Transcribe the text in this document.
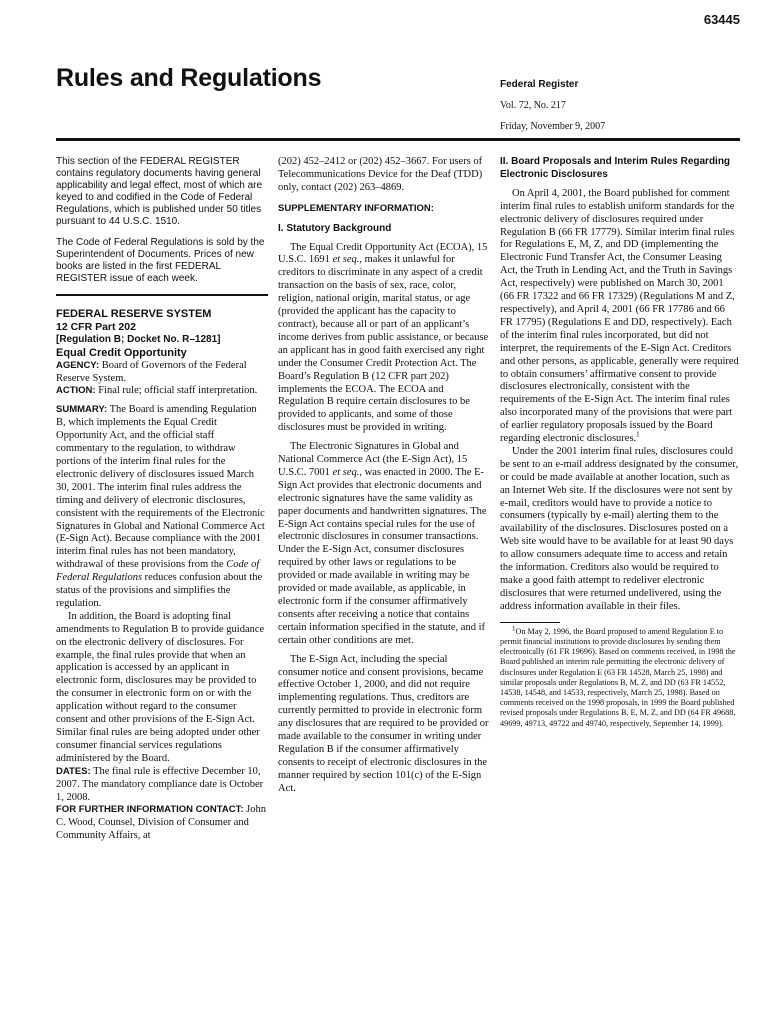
63445
Rules and Regulations	Federal Register
Vol. 72, No. 217
Friday, November 9, 2007

This section of the FEDERAL REGISTER contains regulatory documents having general applicability and legal effect, most of which are keyed to and codified in the Code of Federal Regulations, which is published under 50 titles pursuant to 44 U.S.C. 1510.

The Code of Federal Regulations is sold by the Superintendent of Documents. Prices of new books are listed in the first FEDERAL REGISTER issue of each week.

FEDERAL RESERVE SYSTEM

12 CFR Part 202

[Regulation B; Docket No. R–1281]

Equal Credit Opportunity

AGENCY: Board of Governors of the Federal Reserve System.

ACTION: Final rule; official staff interpretation.

SUMMARY: The Board is amending Regulation B, which implements the Equal Credit Opportunity Act, and the official staff commentary to the regulation, to withdraw portions of the interim final rules for the electronic delivery of disclosures issued March 30, 2001. The interim final rules address the timing and delivery of electronic disclosures, consistent with the requirements of the Electronic Signatures in Global and National Commerce Act (E-Sign Act). Because compliance with the 2001 interim final rules has not been mandatory, withdrawal of these provisions from the Code of Federal Regulations reduces confusion about the status of the provisions and simplifies the regulation.

In addition, the Board is adopting final amendments to Regulation B to provide guidance on the electronic delivery of disclosures. For example, the final rules provide that when an application is accessed by an applicant in electronic form, disclosures may be provided to the consumer in electronic form on or with the application without regard to the consumer consent and other provisions of the E-Sign Act. Similar final rules are being adopted under other consumer financial services regulations administered by the Board.

DATES: The final rule is effective December 10, 2007. The mandatory compliance date is October 1, 2008.

FOR FURTHER INFORMATION CONTACT: John C. Wood, Counsel, Division of Consumer and Community Affairs, at

(202) 452–2412 or (202) 452–3667. For users of Telecommunications Device for the Deaf (TDD) only, contact (202) 263–4869.

SUPPLEMENTARY INFORMATION:

I. Statutory Background

The Equal Credit Opportunity Act (ECOA), 15 U.S.C. 1691 et seq., makes it unlawful for creditors to discriminate in any aspect of a credit transaction on the basis of sex, race, color, religion, national origin, marital status, or age (provided the applicant has the capacity to contract), because all or part of an applicant’s income derives from public assistance, or because an applicant has in good faith exercised any right under the Consumer Credit Protection Act. The Board’s Regulation B (12 CFR part 202) implements the ECOA. The ECOA and Regulation B require certain disclosures to be provided to applicants, and some of those disclosures must be provided in writing.

The Electronic Signatures in Global and National Commerce Act (the E-Sign Act), 15 U.S.C. 7001 et seq., was enacted in 2000. The E-Sign Act provides that electronic documents and electronic signatures have the same validity as paper documents and handwritten signatures. The E-Sign Act contains special rules for the use of electronic disclosures in consumer transactions. Under the E-Sign Act, consumer disclosures required by other laws or regulations to be provided or made available in writing may be provided or made available, as applicable, in electronic form if the consumer affirmatively consents after receiving a notice that contains certain information specified in the statute, and if certain other conditions are met.

The E-Sign Act, including the special consumer notice and consent provisions, became effective October 1, 2000, and did not require implementing regulations. Thus, creditors are currently permitted to provide in electronic form any disclosures that are required to be provided or made available to the consumer in writing under Regulation B if the consumer affirmatively consents to receipt of electronic disclosures in the manner required by section 101(c) of the E-Sign Act.

II. Board Proposals and Interim Rules Regarding Electronic Disclosures

On April 4, 2001, the Board published for comment interim final rules to establish uniform standards for the electronic delivery of disclosures required under Regulation B (66 FR 17779). Similar interim final rules for Regulations E, M, Z, and DD (implementing the Electronic Fund Transfer Act, the Consumer Leasing Act, the Truth in Lending Act, and the Truth in Savings Act, respectively) were published on March 30, 2001 (66 FR 17322 and 66 FR 17329) (Regulations M and Z, respectively), and April 4, 2001 (66 FR 17786 and 66 FR 17795) (Regulations E and DD, respectively). Each of the interim final rules incorporated, but did not interpret, the requirements of the E-Sign Act. Creditors and other persons, as applicable, generally were required to obtain consumers’ affirmative consent to provide disclosures electronically, consistent with the requirements of the E-Sign Act. The interim final rules also incorporated many of the provisions that were part of earlier regulatory proposals issued by the Board regarding electronic disclosures.$^1$

Under the 2001 interim final rules, disclosures could be sent to an e-mail address designated by the consumer, or could be made available at another location, such as an Internet Web site. If the disclosures were not sent by e-mail, creditors would have to provide a notice to consumers (typically by e-mail) alerting them to the availability of the disclosures. Disclosures posted on a Web site would have to be available for at least 90 days to allow consumers adequate time to access and retain the information. Creditors also would be required to make a good faith attempt to redeliver electronic disclosures that were returned undelivered, using the address information available in their files.

$^1$On May 2, 1996, the Board proposed to amend Regulation E to permit financial institutions to provide disclosures by sending them electronically (61 FR 19696). Based on comments received, in 1998 the Board published an interim rule permitting the electronic delivery of disclosures under Regulation E (63 FR 14528, March 25, 1998) and similar proposals under Regulations B, M, Z, and DD (63 FR 14552, 14538, 14548, and 14533, respectively, March 25, 1998). Based on comments received on the 1998 proposals, in 1999 the Board published revised proposals under Regulations B, E, M, Z, and DD (64 FR 49688, 49699, 49713, 49722 and 49740, respectively, September 14, 1999).
